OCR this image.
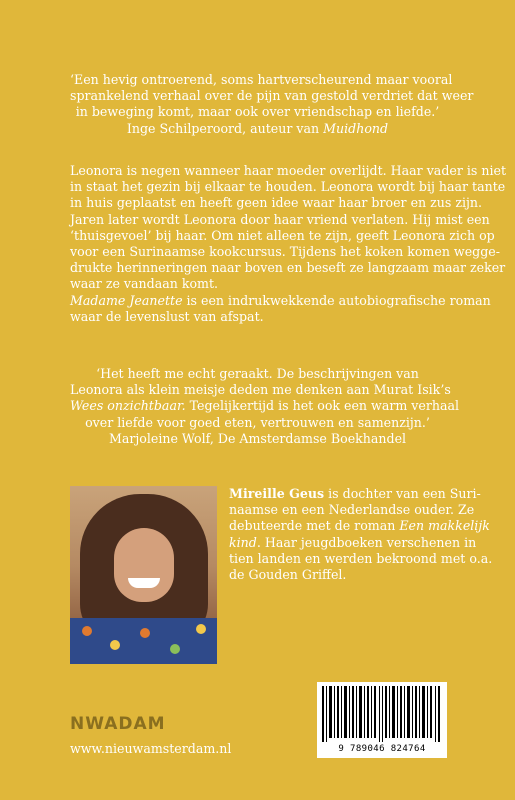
‘Een hevig ontroerend, soms hartverscheurend maar vooral
sprankelend verhaal over de pijn van gestold verdriet dat weer
in beweging komt, maar ook over vriendschap en liefde.’
Inge Schilperoord, auteur van Muidhond
Leonora is negen wanneer haar moeder overlijdt. Haar vader is niet
in staat het gezin bij elkaar te houden. Leonora wordt bij haar tante
in huis geplaatst en heeft geen idee waar haar broer en zus zijn.
Jaren later wordt Leonora door haar vriend verlaten. Hij mist een
‘thuisgevoel’ bij haar. Om niet alleen te zijn, geeft Leonora zich op
voor een Surinaamse kookcursus. Tijdens het koken komen wegge-
drukte herinneringen naar boven en beseft ze langzaam maar zeker
waar ze vandaan komt.
Madame Jeanette is een indrukwekkende autobiografische roman
waar de levenslust van afspat.
‘Het heeft me echt geraakt. De beschrijvingen van
Leonora als klein meisje deden me denken aan Murat Isik’s
Wees onzichtbaar. Tegelijkertijd is het ook een warm verhaal
over liefde voor goed eten, vertrouwen en samenzijn.’
Marjoleine Wolf, De Amsterdamse Boekhandel
Mireille Geus is dochter van een Suri-
naamse en een Nederlandse ouder. Ze
debuteerde met de roman Een makkelijk
kind. Haar jeugdboeken verschenen in
tien landen en werden bekroond met o.a.
de Gouden Griffel.
NWADAM
www.nieuwamsterdam.nl	9 789046 824764
